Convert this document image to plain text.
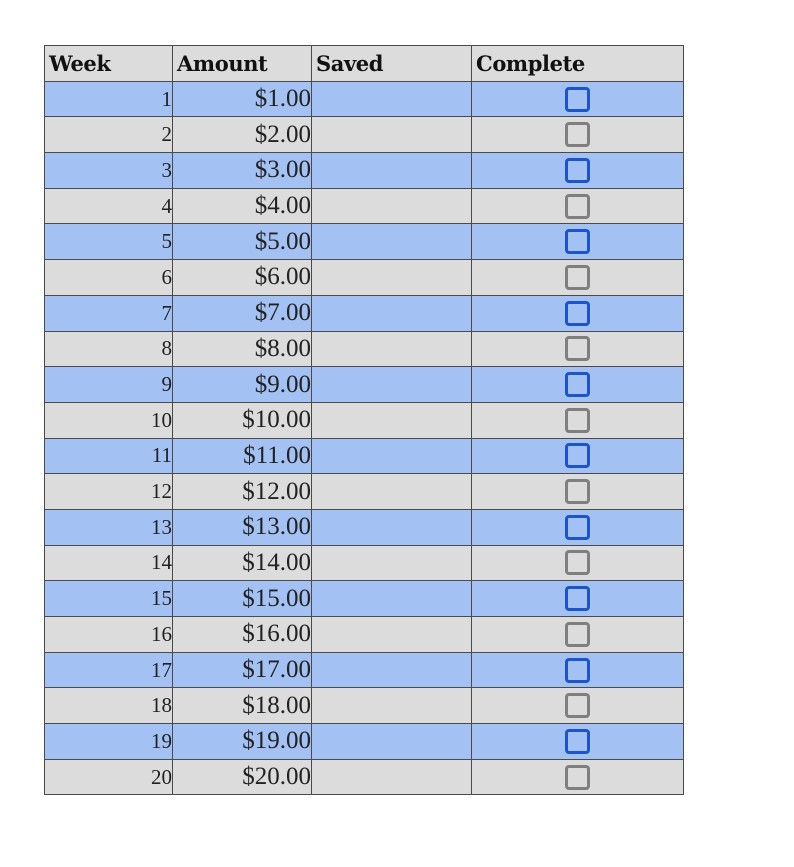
Week	Amount	Saved	Complete
1	$1.00		
2	$2.00		
3	$3.00		
4	$4.00		
5	$5.00		
6	$6.00		
7	$7.00		
8	$8.00		
9	$9.00		
10	$10.00		
11	$11.00		
12	$12.00		
13	$13.00		
14	$14.00		
15	$15.00		
16	$16.00		
17	$17.00		
18	$18.00		
19	$19.00		
20	$20.00		
